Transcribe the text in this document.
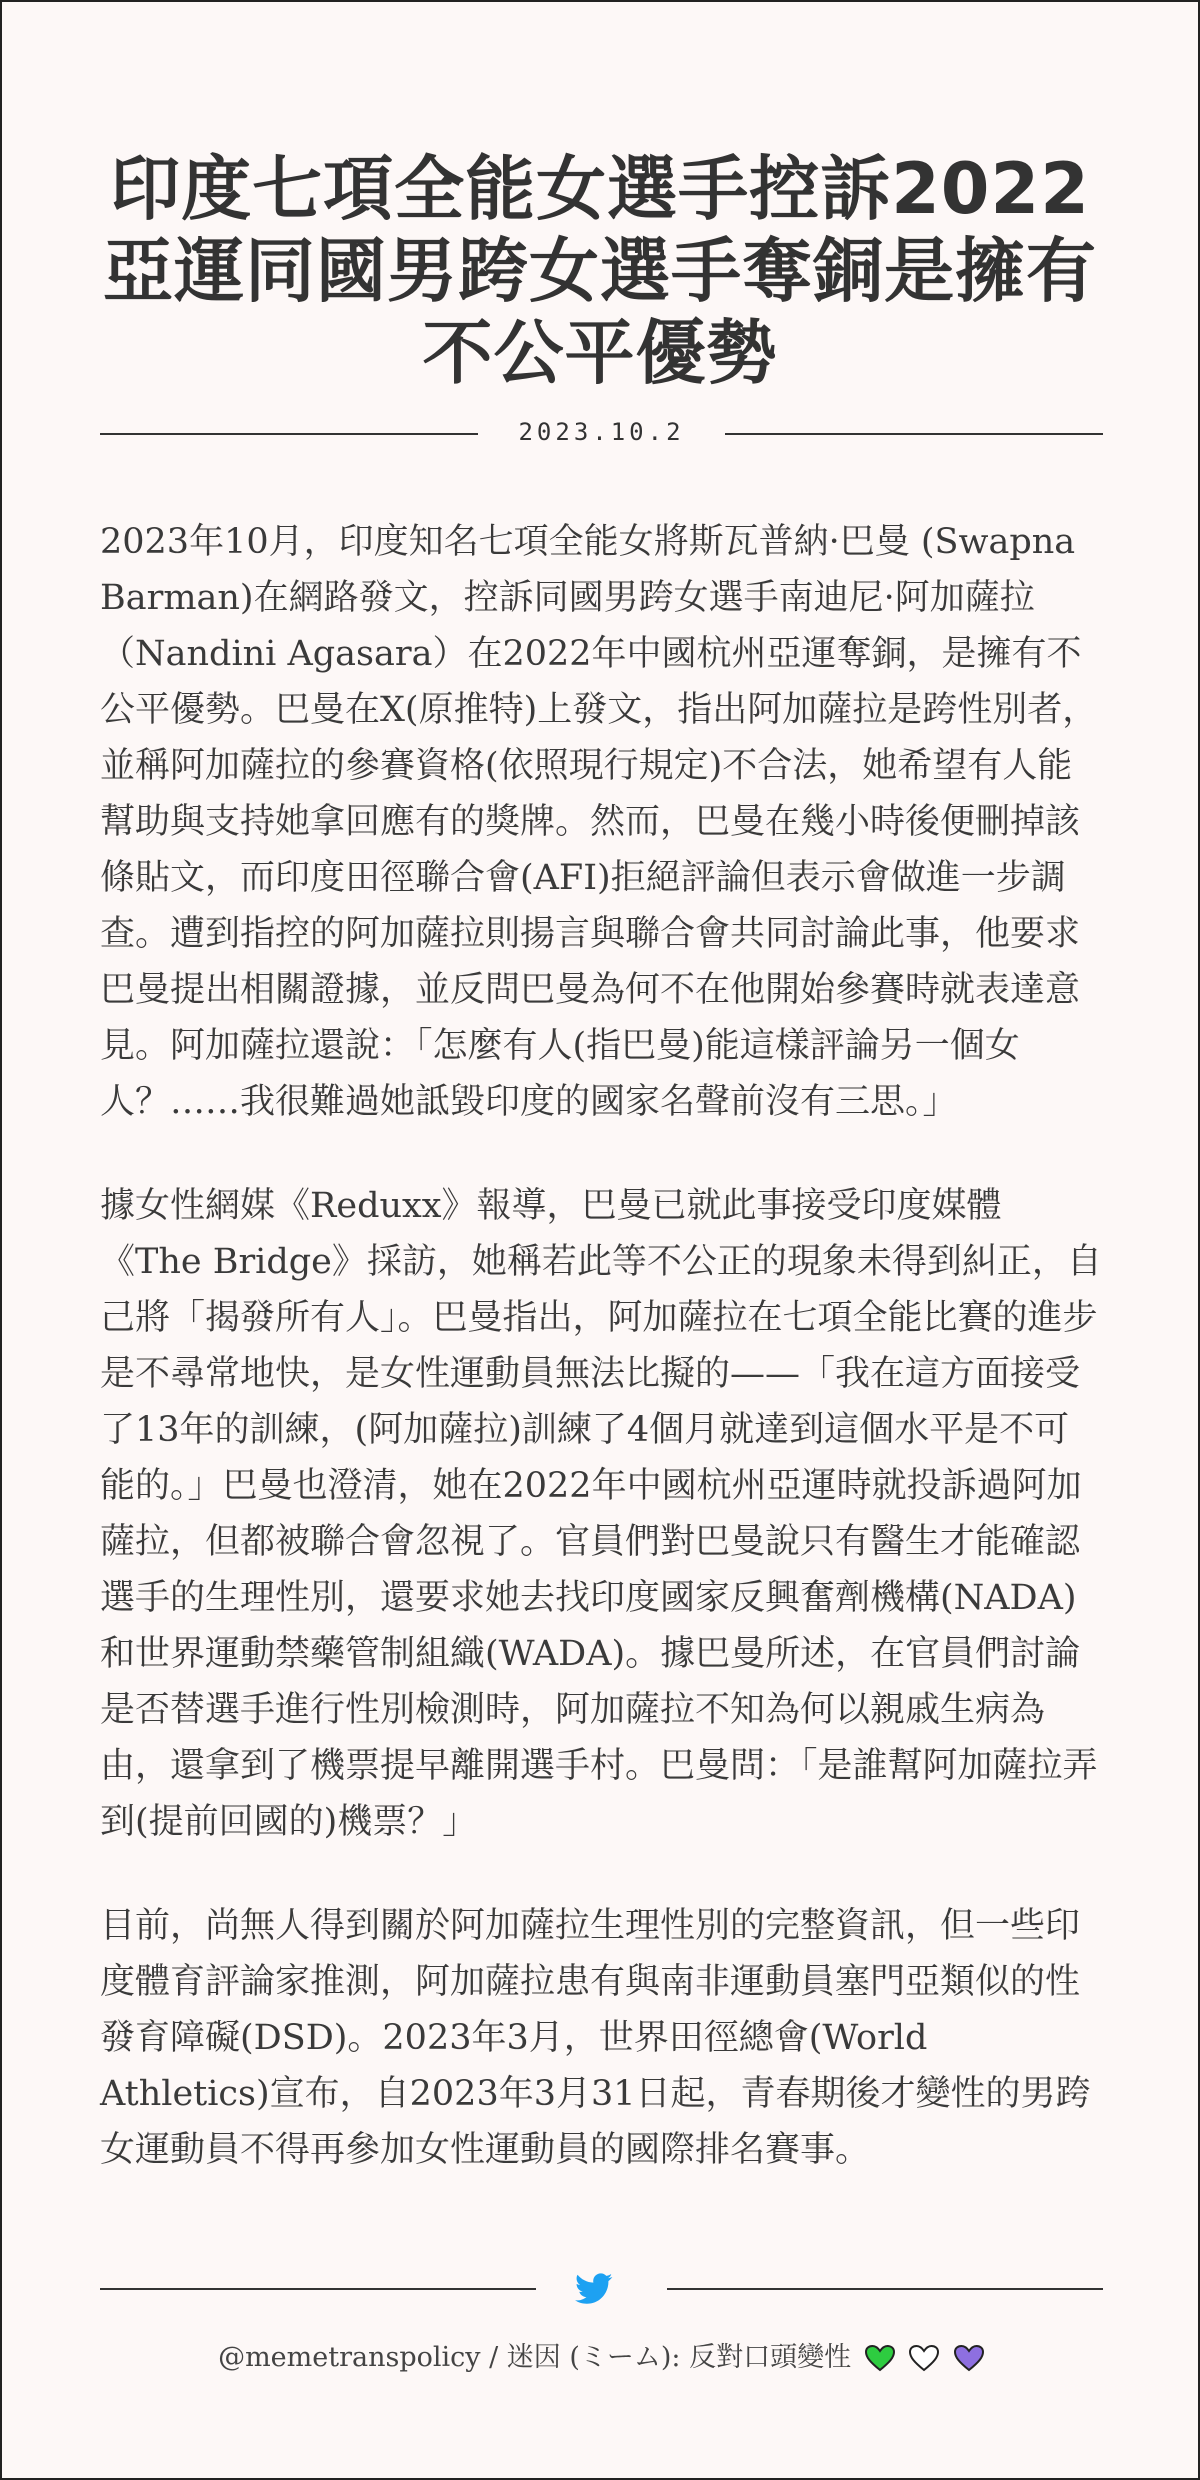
印度七項全能女選手控訴2022亞運同國男跨女選手奪銅是擁有不公平優勢
2023.10.2

2023年10月，印度知名七項全能女將斯瓦普納·巴曼 (Swapna Barman)在網路發文，控訴同國男跨女選手南迪尼·阿加薩拉（Nandini Agasara）在2022年中國杭州亞運奪銅，是擁有不公平優勢。巴曼在X(原推特)上發文，指出阿加薩拉是跨性別者，並稱阿加薩拉的參賽資格(依照現行規定)不合法，她希望有人能幫助與支持她拿回應有的獎牌。然而，巴曼在幾小時後便刪掉該條貼文，而印度田徑聯合會(AFI)拒絕評論但表示會做進一步調查。遭到指控的阿加薩拉則揚言與聯合會共同討論此事，他要求巴曼提出相關證據，並反問巴曼為何不在他開始參賽時就表達意見。阿加薩拉還說：「怎麼有人(指巴曼)能這樣評論另一個女人？……我很難過她詆毀印度的國家名聲前沒有三思。」

據女性網媒《Reduxx》報導，巴曼已就此事接受印度媒體《The Bridge》採訪，她稱若此等不公正的現象未得到糾正，自己將「揭發所有人」。巴曼指出，阿加薩拉在七項全能比賽的進步是不尋常地快，是女性運動員無法比擬的——「我在這方面接受了13年的訓練，(阿加薩拉)訓練了4個月就達到這個水平是不可能的。」巴曼也澄清，她在2022年中國杭州亞運時就投訴過阿加薩拉，但都被聯合會忽視了。官員們對巴曼說只有醫生才能確認選手的生理性別，還要求她去找印度國家反興奮劑機構(NADA)和世界運動禁藥管制組織(WADA)。據巴曼所述，在官員們討論是否替選手進行性別檢測時，阿加薩拉不知為何以親戚生病為由，還拿到了機票提早離開選手村。巴曼問：「是誰幫阿加薩拉弄到(提前回國的)機票？」

目前，尚無人得到關於阿加薩拉生理性別的完整資訊，但一些印度體育評論家推測，阿加薩拉患有與南非運動員塞門亞類似的性發育障礙(DSD)。2023年3月，世界田徑總會(World Athletics)宣布，自2023年3月31日起，青春期後才變性的男跨女運動員不得再參加女性運動員的國際排名賽事。

@memetranspolicy / 迷因 (ミーム): 反對口頭變性
